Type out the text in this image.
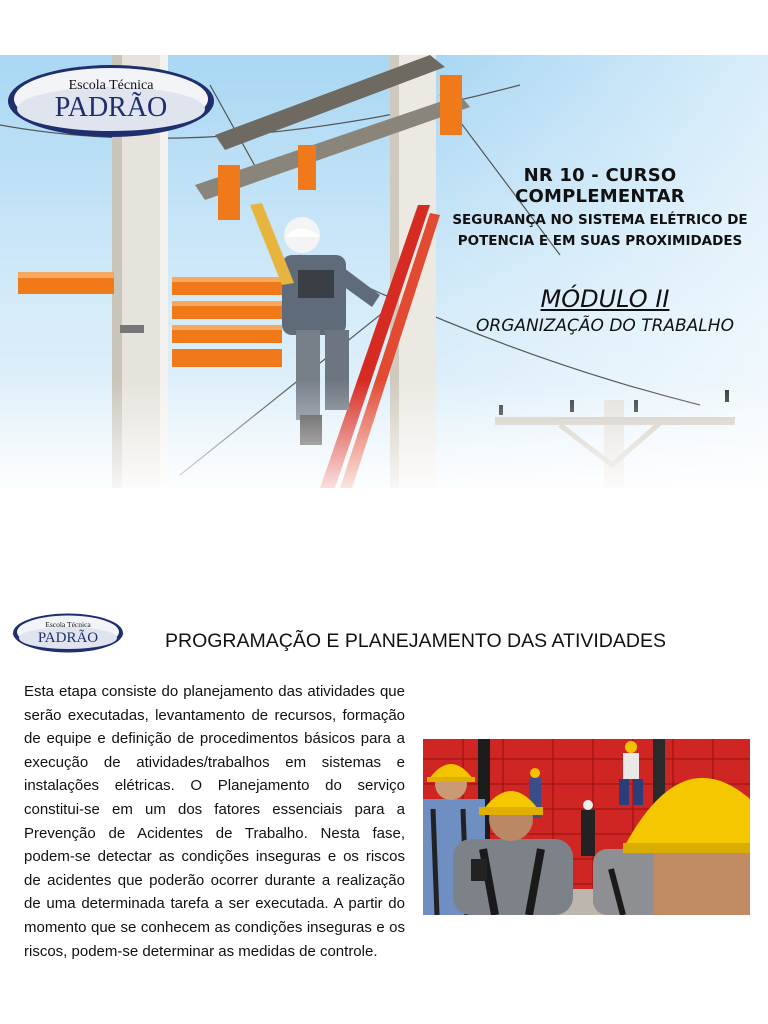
Escola Técnica
PADRÃO
NR 10 - CURSO COMPLEMENTAR
SEGURANÇA NO SISTEMA ELÉTRICO DE
POTENCIA E EM SUAS PROXIMIDADES
MÓDULO II
ORGANIZAÇÃO DO TRABALHO
Escola Técnica
PADRÃO	PROGRAMAÇÃO E PLANEJAMENTO DAS ATIVIDADES

Esta etapa consiste do planejamento das atividades que serão executadas, levantamento de recursos, formação de equipe e definição de procedimentos básicos para a execução de atividades/trabalhos em sistemas e instalações elétricas. O Planejamento do serviço constitui-se em um dos fatores essenciais para a Prevenção de Acidentes de Trabalho. Nesta fase, podem-se detectar as condições inseguras e os riscos de acidentes que poderão ocorrer durante a realização de uma determinada tarefa a ser executada. A partir do momento que se conhecem as condições inseguras e os riscos, podem-se determinar as medidas de controle.
